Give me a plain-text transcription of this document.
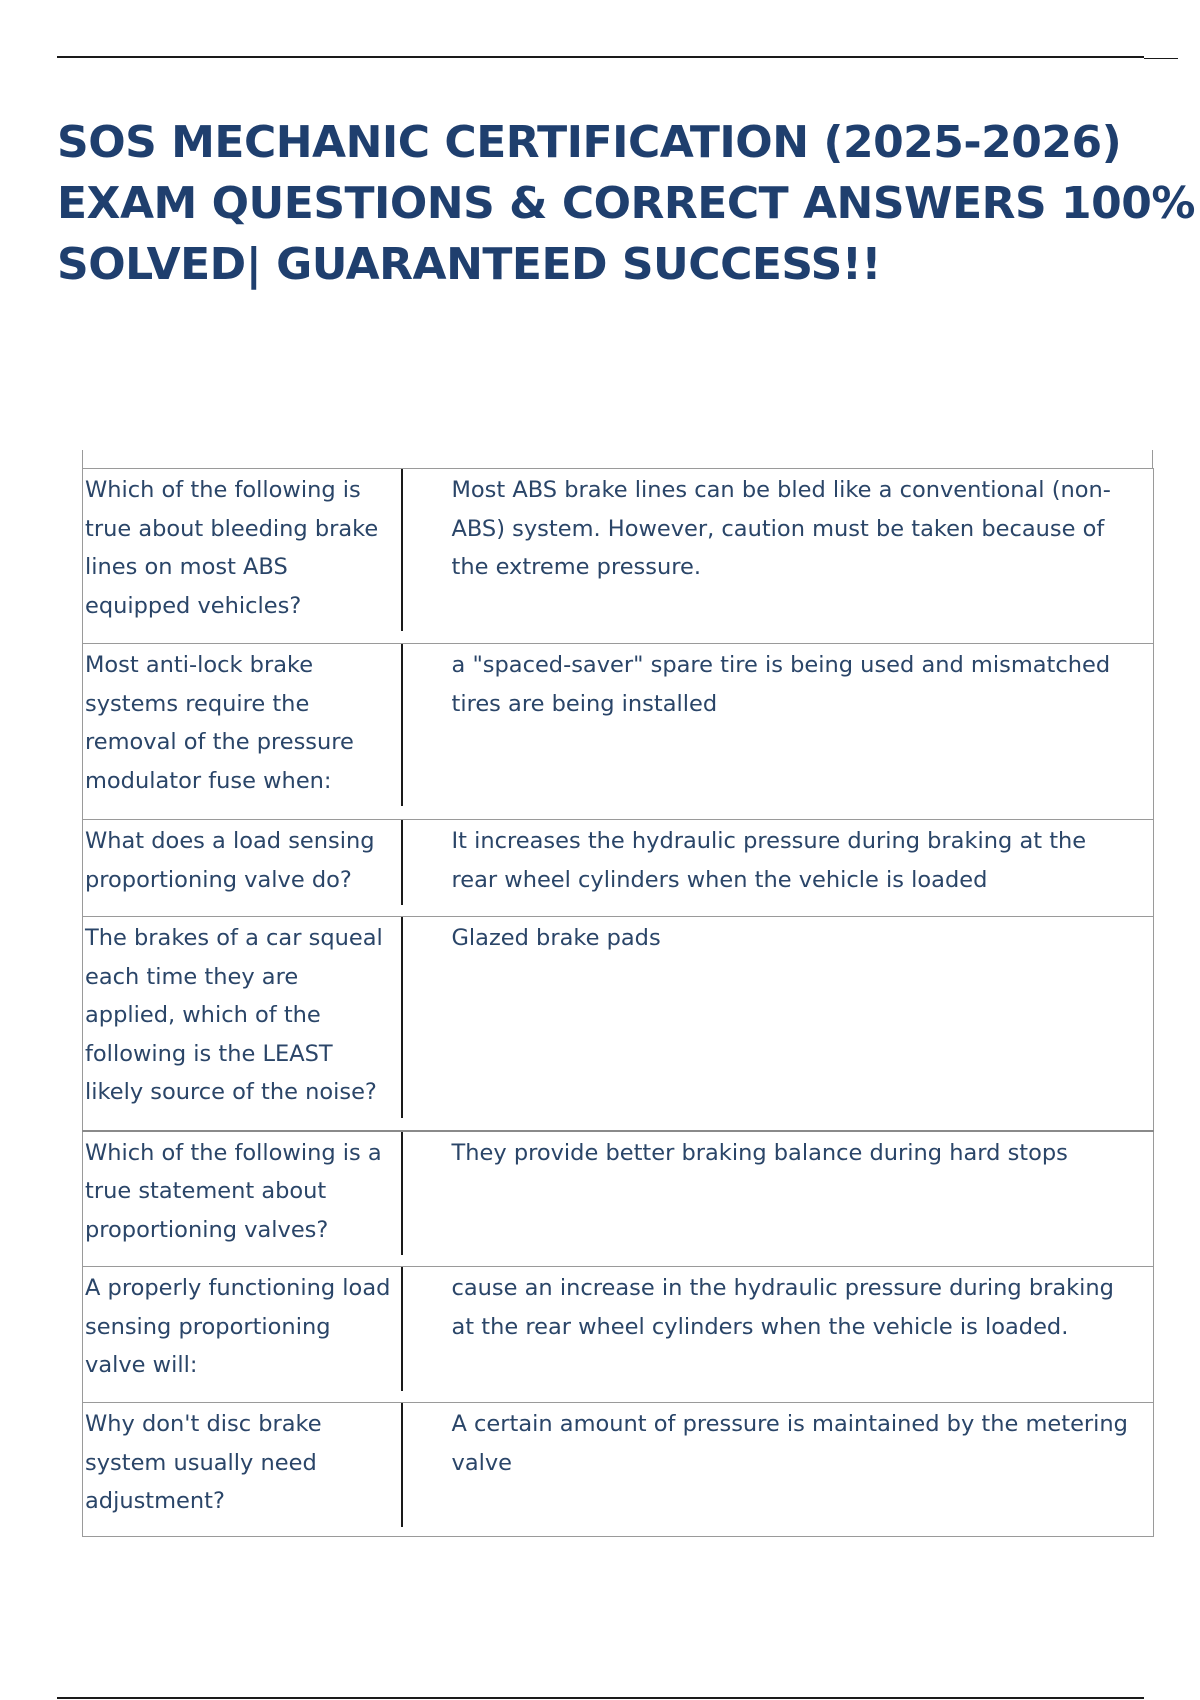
SOS MECHANIC CERTIFICATION (2025-2026)
EXAM QUESTIONS & CORRECT ANSWERS 100%
SOLVED| GUARANTEED SUCCESS!!
Which of the following is true about bleeding brake lines on most ABS equipped vehicles?	Most ABS brake lines can be bled like a conventional (non-ABS) system. However, caution must be taken because of the extreme pressure.

Most anti-lock brake systems require the removal of the pressure modulator fuse when:	a "spaced-saver" spare tire is being used and mismatched tires are being installed

What does a load sensing proportioning valve do?	It increases the hydraulic pressure during braking at the rear wheel cylinders when the vehicle is loaded

The brakes of a car squeal each time they are applied, which of the following is the LEAST likely source of the noise?	Glazed brake pads

Which of the following is a true statement about proportioning valves?	They provide better braking balance during hard stops

A properly functioning load sensing proportioning valve will:	cause an increase in the hydraulic pressure during braking at the rear wheel cylinders when the vehicle is loaded.

Why don't disc brake system usually need adjustment?	A certain amount of pressure is maintained by the metering valve
